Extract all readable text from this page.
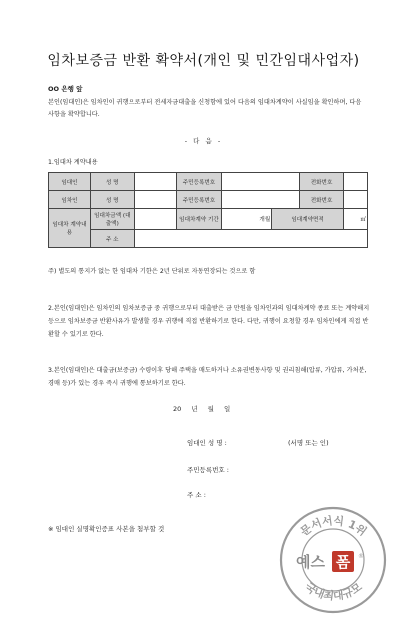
임차보증금 반환 확약서(개인 및 민간임대사업자)
OO 은행 앞
본인(임대인)은 임차인이 귀행으로부터 전세자금대출을 신청함에 있어 다음의 임대차계약이 사실임을 확인하며, 다음 사항을 확약합니다.
- 다 음 -
1.임대차 계약내용
임대인	성 명		주민등록번호			전화번호	
임차인	성 명		주민등록번호			전화번호	
임대차 계약내용	임대차금액 (대출액)		임대차계약 기간	개월	임대계약면적		㎡
	주 소						
주) 별도의 통지가 없는 한 임대차 기한은 2년 단위로 자동연장되는 것으로 함
2.본인(임대인)은 임차인의 임차보증금 중 귀행으로부터 대출받은 금 만원을 임차인과의 임대차계약 종료 또는 계약해지 등으로 임차보증금 반환사유가 발생할 경우 귀행에 직접 반환하기로 한다. 다만, 귀행이 요청할 경우 임차인에게 직접 반환할 수 있기로 한다.
3.본인(임대인)은 대출금(보증금) 수령이후 당해 주택을 매도하거나 소유권변동사항 및 권리침해(압류, 가압류, 가처분, 경매 등)가 있는 경우 즉시 귀행에 통보하기로 한다.
20 년 월 일
임대인 성 명 :	(서명 또는 인)
주민등록번호 :
주 소 :
※ 임대인 실명확인증표 사본을 첨부할 것	문서서식 1위
국내최대규모
예스 폼 ®
